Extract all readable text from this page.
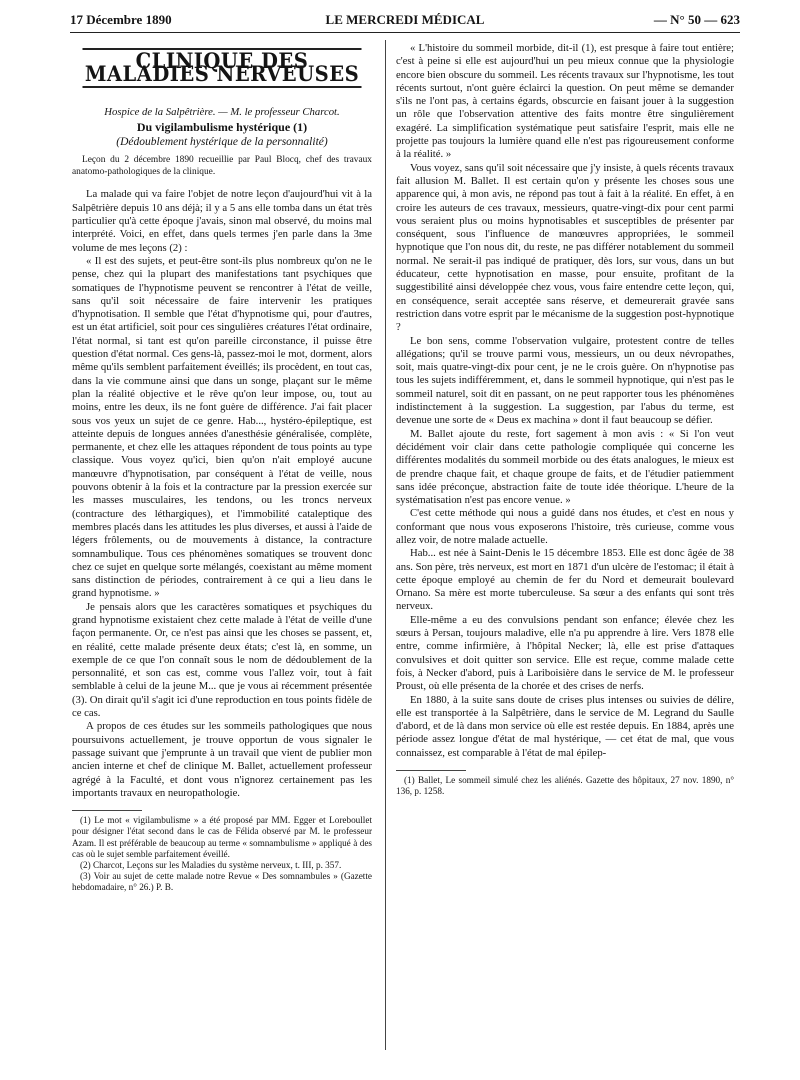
17 Décembre 1890	LE MERCREDI MÉDICAL	— N° 50 — 623
CLINIQUE DES MALADIES NERVEUSES
Hospice de la Salpêtrière. — M. le professeur Charcot.
Du vigilambulisme hystérique (1)
(Dédoublement hystérique de la personnalité)
Leçon du 2 décembre 1890 recueillie par Paul Blocq, chef des travaux anatomo-pathologiques de la clinique.

La malade qui va faire l'objet de notre leçon d'aujourd'hui vit à la Salpêtrière depuis 10 ans déjà; il y a 5 ans elle tomba dans un état très particulier qu'à cette époque j'avais, sinon mal observé, du moins mal interprété. Voici, en effet, dans quels termes j'en parle dans la 3me volume de mes leçons (2) :

« Il est des sujets, et peut-être sont-ils plus nombreux qu'on ne le pense, chez qui la plupart des manifestations tant psychiques que somatiques de l'hypnotisme peuvent se rencontrer à l'état de veille, sans qu'il soit nécessaire de faire intervenir les pratiques d'hypnotisation. Il semble que l'état d'hypnotisme qui, pour d'autres, est un état artificiel, soit pour ces singulières créatures l'état ordinaire, l'état normal, si tant est qu'on pareille circonstance, il puisse être question d'état normal. Ces gens-là, passez-moi le mot, dorment, alors même qu'ils semblent parfaitement éveillés; ils procèdent, en tout cas, dans la vie commune ainsi que dans un songe, plaçant sur le même plan la réalité objective et le rêve qu'on leur impose, ou, tout au moins, entre les deux, ils ne font guère de différence. J'ai fait placer sous vos yeux un sujet de ce genre. Hab..., hystéro-épileptique, est atteinte depuis de longues années d'anesthésie généralisée, complète, permanente, et chez elle les attaques répondent de tous points au type classique. Vous voyez qu'ici, bien qu'on n'ait employé aucune manœuvre d'hypnotisation, par conséquent à l'état de veille, nous pouvons obtenir à la fois et la contracture par la pression exercée sur les masses musculaires, les tendons, ou les troncs nerveux (contracture des léthargiques), et l'immobilité cataleptique des membres placés dans les attitudes les plus diverses, et aussi à l'aide de légers frôlements, ou de mouvements à distance, la contracture somnambulique. Tous ces phénomènes somatiques se trouvent donc chez ce sujet en quelque sorte mélangés, coexistant au même moment sans distinction de périodes, contrairement à ce qui a lieu dans le grand hypnotisme. »

Je pensais alors que les caractères somatiques et psychiques du grand hypnotisme existaient chez cette malade à l'état de veille d'une façon permanente. Or, ce n'est pas ainsi que les choses se passent, et, en réalité, cette malade présente deux états; c'est là, en somme, un exemple de ce que l'on connaît sous le nom de dédoublement de la personnalité, et son cas est, comme vous l'allez voir, tout à fait semblable à celui de la jeune M... que je vous ai récemment présentée (3). On dirait qu'il s'agit ici d'une reproduction en tous points fidèle de ce cas.

A propos de ces études sur les sommeils pathologiques que nous poursuivons actuellement, je trouve opportun de vous signaler le passage suivant que j'emprunte à un travail que vient de publier mon ancien interne et chef de clinique M. Ballet, actuellement professeur agrégé à la Faculté, et dont vous n'ignorez certainement pas les importants travaux en neuropathologie.

(1) Le mot « vigilambulisme » a été proposé par MM. Egger et Loreboullet pour désigner l'état second dans le cas de Félida observé par M. le professeur Azam. Il est préférable de beaucoup au terme « somnambulisme » appliqué à des cas où le sujet semble parfaitement éveillé.

(2) Charcot, Leçons sur les Maladies du système nerveux, t. III, p. 357.

(3) Voir au sujet de cette malade notre Revue « Des somnambules » (Gazette hebdomadaire, n° 26.) P. B.

« L'histoire du sommeil morbide, dit-il (1), est presque à faire tout entière; c'est à peine si elle est aujourd'hui un peu mieux connue que la physiologie encore bien obscure du sommeil. Les récents travaux sur l'hypnotisme, les tout récents surtout, n'ont guère éclairci la question. On peut même se demander s'ils ne l'ont pas, à certains égards, obscurcie en faisant jouer à la suggestion un rôle que l'observation attentive des faits montre être singulièrement exagéré. La simplification systématique peut satisfaire l'esprit, mais elle ne projette pas toujours la lumière quand elle n'est pas rigoureusement conforme à la réalité. »

Vous voyez, sans qu'il soit nécessaire que j'y insiste, à quels récents travaux fait allusion M. Ballet. Il est certain qu'on y présente les choses sous une apparence qui, à mon avis, ne répond pas tout à fait à la réalité. En effet, à en croire les auteurs de ces travaux, messieurs, quatre-vingt-dix pour cent parmi vous seraient plus ou moins hypnotisables et susceptibles de présenter par conséquent, sous l'influence de manœuvres appropriées, le sommeil hypnotique que l'on nous dit, du reste, ne pas différer notablement du sommeil normal. Ne serait-il pas indiqué de pratiquer, dès lors, sur vous, dans un but éducateur, cette hypnotisation en masse, pour ensuite, profitant de la suggestibilité ainsi développée chez vous, vous faire entendre cette leçon, qui, en conséquence, serait acceptée sans réserve, et demeurerait gravée sans restriction dans votre esprit par le mécanisme de la suggestion post-hypnotique ?

Le bon sens, comme l'observation vulgaire, protestent contre de telles allégations; qu'il se trouve parmi vous, messieurs, un ou deux névropathes, soit, mais quatre-vingt-dix pour cent, je ne le crois guère. On n'hypnotise pas tous les sujets indifféremment, et, dans le sommeil hypnotique, qui n'est pas le sommeil naturel, soit dit en passant, on ne peut rapporter tous les phénomènes indistinctement à la suggestion. La suggestion, par l'abus du terme, est devenue une sorte de « Deus ex machina » dont il faut beaucoup se défier.

M. Ballet ajoute du reste, fort sagement à mon avis : « Si l'on veut décidément voir clair dans cette pathologie compliquée qui concerne les différentes modalités du sommeil morbide ou des états analogues, le mieux est de prendre chaque fait, et chaque groupe de faits, et de l'étudier patiemment sans idée préconçue, abstraction faite de toute idée théorique. L'heure de la systématisation n'est pas encore venue. »

C'est cette méthode qui nous a guidé dans nos études, et c'est en nous y conformant que nous vous exposerons l'histoire, très curieuse, comme vous allez voir, de notre malade actuelle.

Hab... est née à Saint-Denis le 15 décembre 1853. Elle est donc âgée de 38 ans. Son père, très nerveux, est mort en 1871 d'un ulcère de l'estomac; il était à cette époque employé au chemin de fer du Nord et demeurait boulevard Ornano. Sa mère est morte tuberculeuse. Sa sœur a des enfants qui sont très nerveux.

Elle-même a eu des convulsions pendant son enfance; élevée chez les sœurs à Persan, toujours maladive, elle n'a pu apprendre à lire. Vers 1878 elle entre, comme infirmière, à l'hôpital Necker; là, elle est prise d'attaques convulsives et doit quitter son service. Elle est reçue, comme malade cette fois, à Necker d'abord, puis à Lariboisière dans le service de M. le professeur Proust, où elle présenta de la chorée et des crises de nerfs.

En 1880, à la suite sans doute de crises plus intenses ou suivies de délire, elle est transportée à la Salpêtrière, dans le service de M. Legrand du Saulle d'abord, et de là dans mon service où elle est restée depuis. En 1884, après une période assez longue d'état de mal hystérique, — cet état de mal, que vous connaissez, est comparable à l'état de mal épilep-

(1) Ballet, Le sommeil simulé chez les aliénés. Gazette des hôpitaux, 27 nov. 1890, n° 136, p. 1258.
